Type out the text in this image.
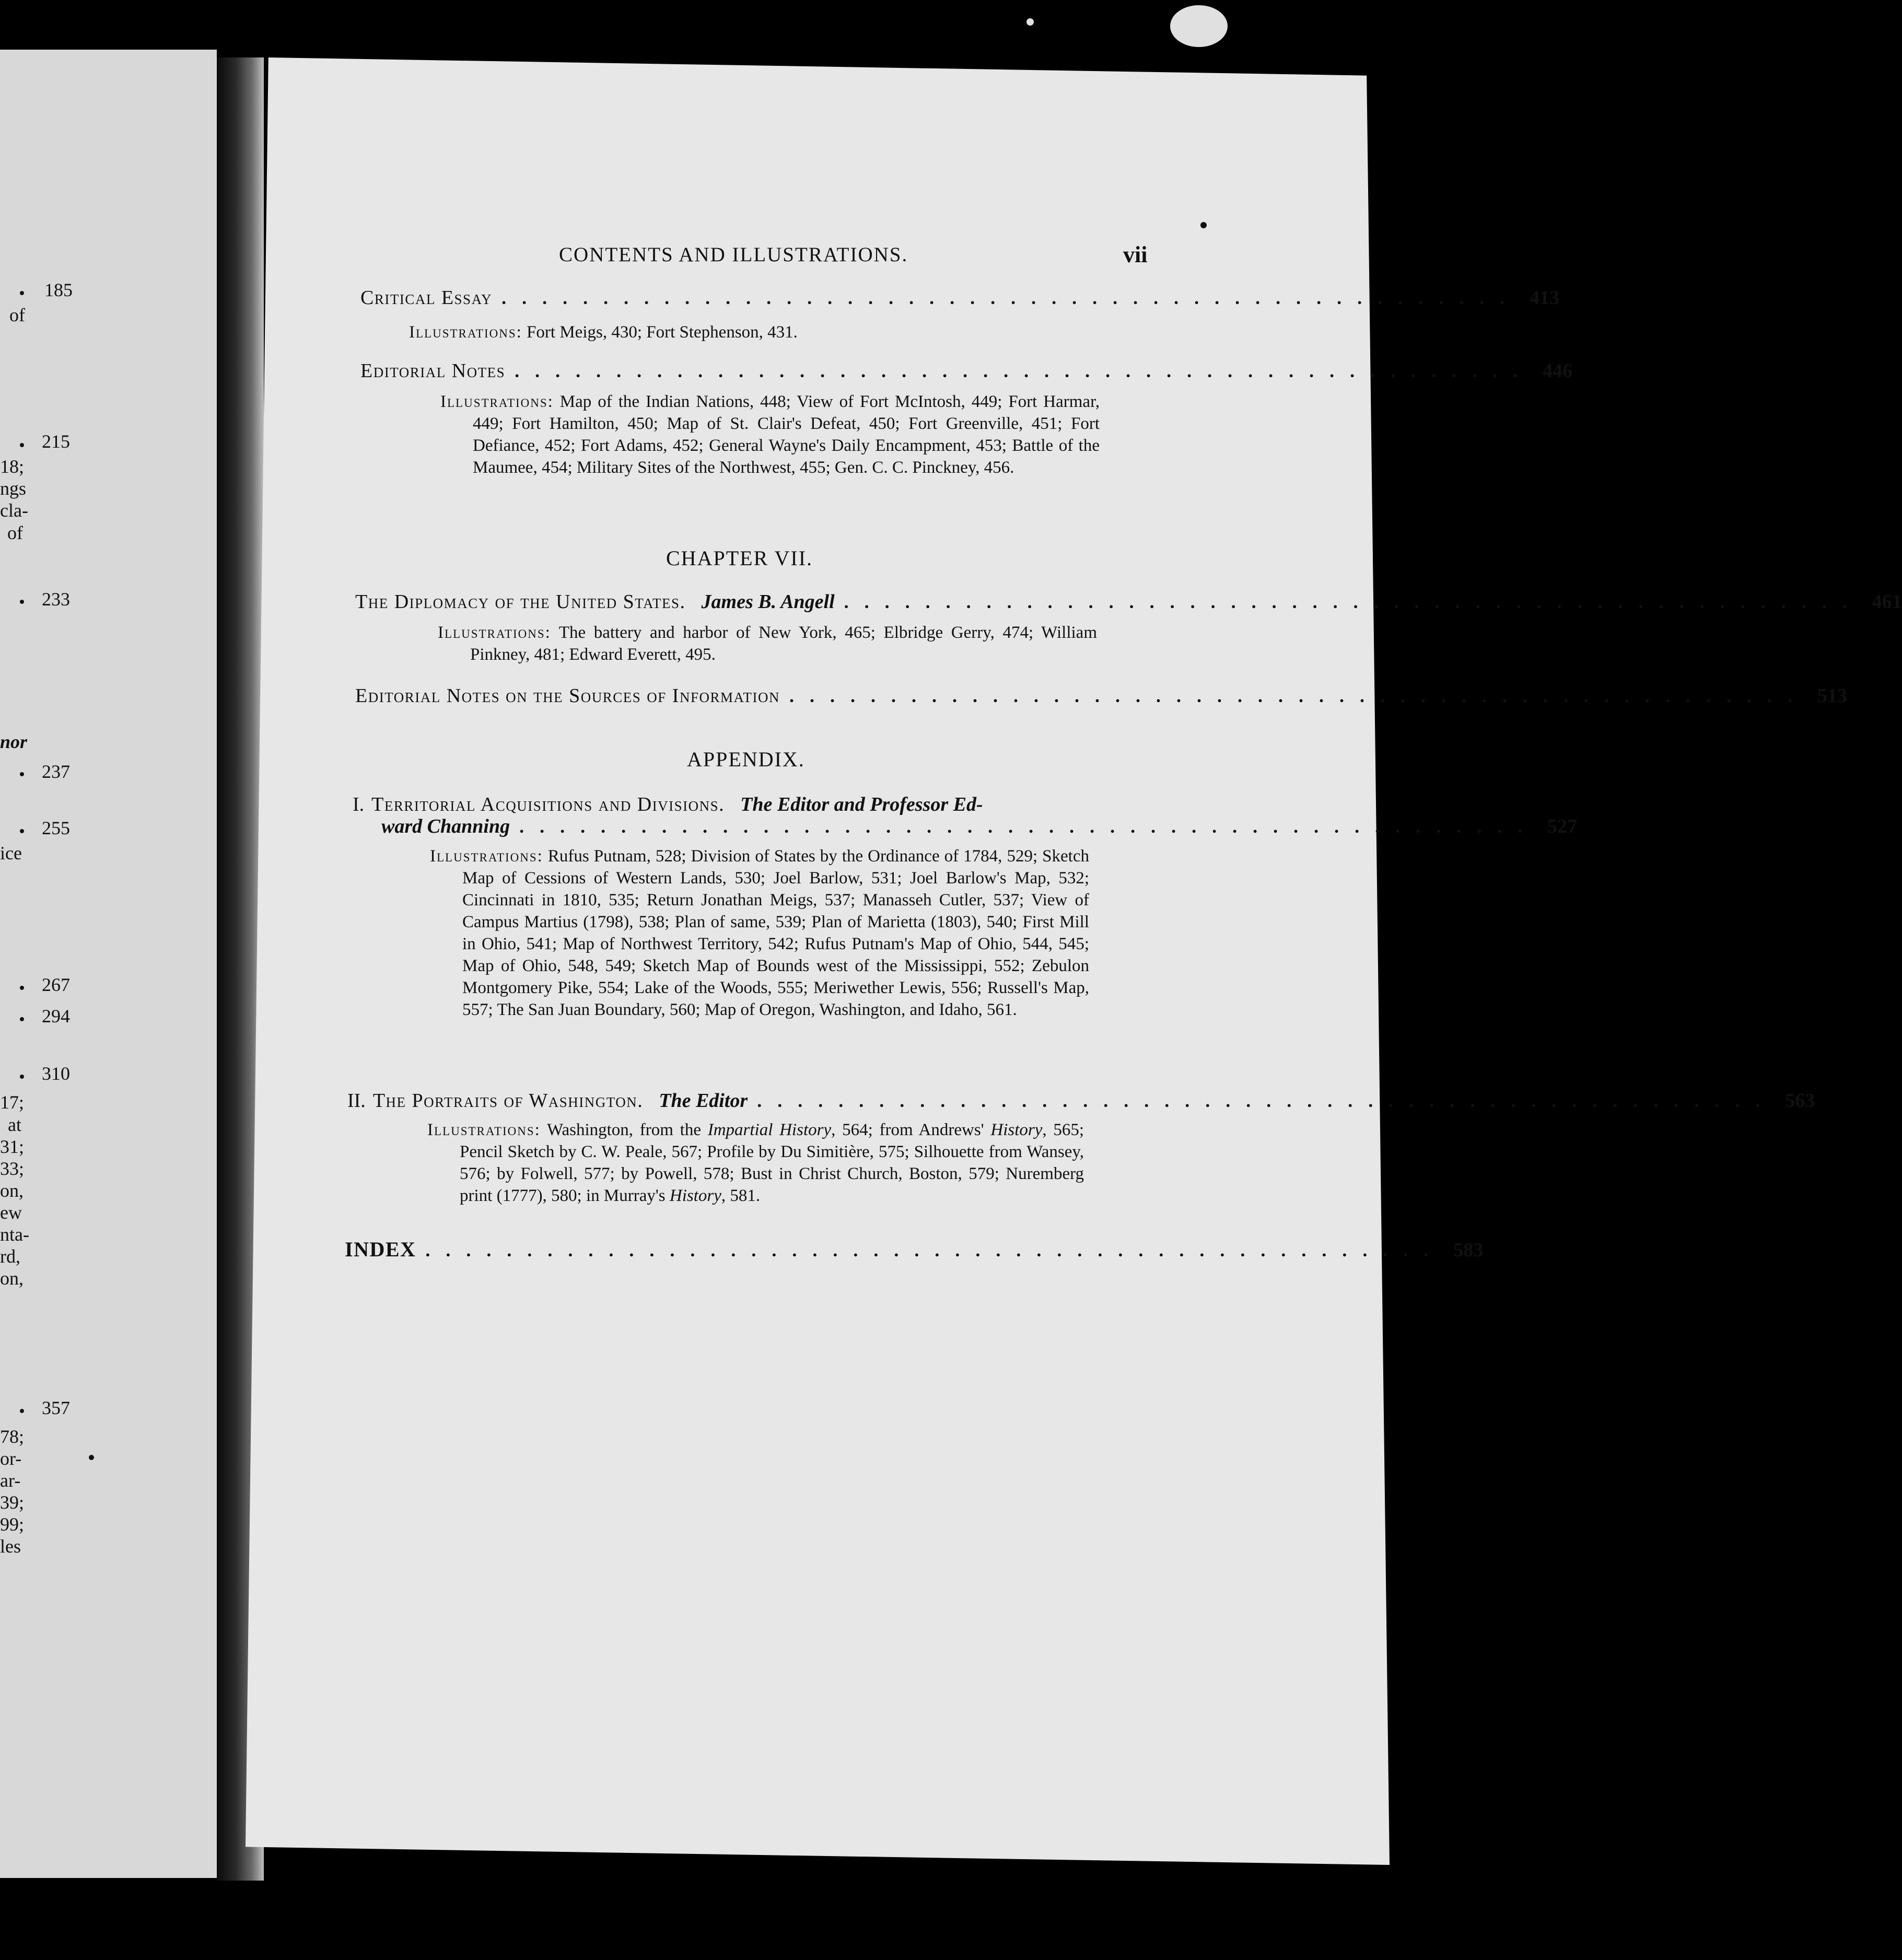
185
of
215
18;
ngs
cla-
of
233
nor
237
255
ice
267
294
310
17;
at
31;
33;
on,
ew
nta-
rd,
on,
357
78;
or-
ar-
39;
99;
les
CONTENTS AND ILLUSTRATIONS.	vii
Critical Essay .................................................. 413
Illustrations: Fort Meigs, 430; Fort Stephenson, 431.
Editorial Notes .................................................. 446
Illustrations: Map of the Indian Nations, 448; View of Fort McIntosh, 449; Fort Harmar, 449; Fort Hamilton, 450; Map of St. Clair's Defeat, 450; Fort Greenville, 451; Fort Defiance, 452; Fort Adams, 452; General Wayne's Daily Encampment, 453; Battle of the Maumee, 454; Military Sites of the Northwest, 455; Gen. C. C. Pinckney, 456.
CHAPTER VII.
The Diplomacy of the United States. James B. Angell .................................................. 461
Illustrations: The battery and harbor of New York, 465; Elbridge Gerry, 474; William Pinkney, 481; Edward Everett, 495.
Editorial Notes on the Sources of Information .................................................. 513
APPENDIX.
I. Territorial Acquisitions and Divisions. The Editor and Professor Ed-
ward Channing .................................................. 527
Illustrations: Rufus Putnam, 528; Division of States by the Ordinance of 1784, 529; Sketch Map of Cessions of Western Lands, 530; Joel Barlow, 531; Joel Barlow's Map, 532; Cincinnati in 1810, 535; Return Jonathan Meigs, 537; Manasseh Cutler, 537; View of Campus Martius (1798), 538; Plan of same, 539; Plan of Marietta (1803), 540; First Mill in Ohio, 541; Map of Northwest Territory, 542; Rufus Putnam's Map of Ohio, 544, 545; Map of Ohio, 548, 549; Sketch Map of Bounds west of the Mississippi, 552; Zebulon Montgomery Pike, 554; Lake of the Woods, 555; Meriwether Lewis, 556; Russell's Map, 557; The San Juan Boundary, 560; Map of Oregon, Washington, and Idaho, 561.
II. The Portraits of Washington. The Editor .................................................. 563
Illustrations: Washington, from the Impartial History, 564; from Andrews' History, 565; Pencil Sketch by C. W. Peale, 567; Profile by Du Simitière, 575; Silhouette from Wansey, 576; by Folwell, 577; by Powell, 578; Bust in Christ Church, Boston, 579; Nuremberg print (1777), 580; in Murray's History, 581.
INDEX .................................................. 583
